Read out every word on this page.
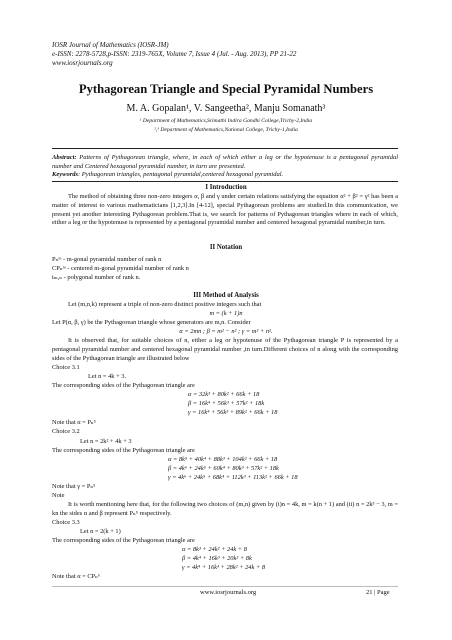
IOSR Journal of Mathematics (IOSR-JM)
e-ISSN: 2278-5728,p-ISSN: 2319-765X, Volume 7, Issue 4 (Jul. - Aug. 2013), PP 21-22
www.iosrjournals.org
Pythagorean Triangle and Special Pyramidal Numbers
M. A. Gopalan¹, V. Sangeetha², Manju Somanath³
¹ Department of Mathematics,Srimathi Indira Gandhi College,Trichy-2,India
²,³ Department of Mathematics,National College, Trichy-1,India
Abstract: Patterns of Pythagorean triangle, where, in each of which either a leg or the hypotenuse is a pentagonal pyramidal number and Centered hexagonal pyramidal number, in turn are presented.
Keywords: Pythagorean triangles, pentagonal pyramidal,centered hexagonal pyramidal.
I Introduction
The method of obtaining three non-zero integers α, β and γ under certain relations satisfying the equation α² + β² = γ² has been a matter of interest to various mathematicians [1,2,3].In [4-12], special Pythagorean problems are studied.In this communication, we present yet another interesting Pythagorean problem.That is, we search for patterns of Pythagorean triangles where in each of which, either a leg or the hypotenuse is represented by a pentagonal pyramidal number and centered hexagonal pyramidal number,in turn.
II Notation
Pₙᵐ - m-gonal pyramidal number of rank n
CPₙᵐ - centered m-gonal pyramidal number of rank n
tₘ,ₙ - polygonal number of rank n.
III Method of Analysis
Let (m,n,k) represent a triple of non-zero distinct positive integers such that
m = (k + 1)n
Let P(α, β, γ) be the Pythagorean triangle whose generators are m,n. Consider
α = 2mn ; β = m² − n² ; γ = m² + n².
It is observed that, for suitable choices of n, either a leg or hypotenuse of the Pythagorean triangle P is represented by a pentagonal pyramidal number and centered hexagonal pyramidal number ,in turn.Different choices of n along with the corresponding sides of the Pythagorean triangle are illustrated below
Choice 3.1
Let n = 4k + 3.
The corresponding sides of the Pythagorean triangle are
α = 32k³ + 80k² + 66k + 18
β = 16k⁴ + 56k³ + 57k² + 18k
γ = 16k⁴ + 56k³ + 89k² + 66k + 18
Note that α = Pₙ⁵
Choice 3.2
Let n = 2k² + 4k + 3
The corresponding sides of the Pythagorean triangle are
α = 8k⁵ + 40k⁴ + 88k³ + 104k² + 66k + 18
β = 4k⁶ + 24k⁵ + 60k⁴ + 80k³ + 57k² + 18k
γ = 4k⁶ + 24k⁵ + 68k⁴ + 112k³ + 113k² + 66k + 18
Note that γ = Pₙ⁵
Note
It is worth mentioning here that, for the following two choices of (m,n) given by (i)n = 4k, m = k(n + 1) and (ii) n = 2k³ − 3, m = kn the sides α and β represent Pₙ⁵ respectively.
Choice 3.3
Let n = 2(k + 1)
The corresponding sides of the Pythagorean triangle are
α = 8k³ + 24k² + 24k + 8
β = 4k⁴ + 16k³ + 20k² + 8k
γ = 4k⁴ + 16k³ + 28k² + 24k + 8
Note that α = CPₙ⁶
www.iosrjournals.org	21 | Page
